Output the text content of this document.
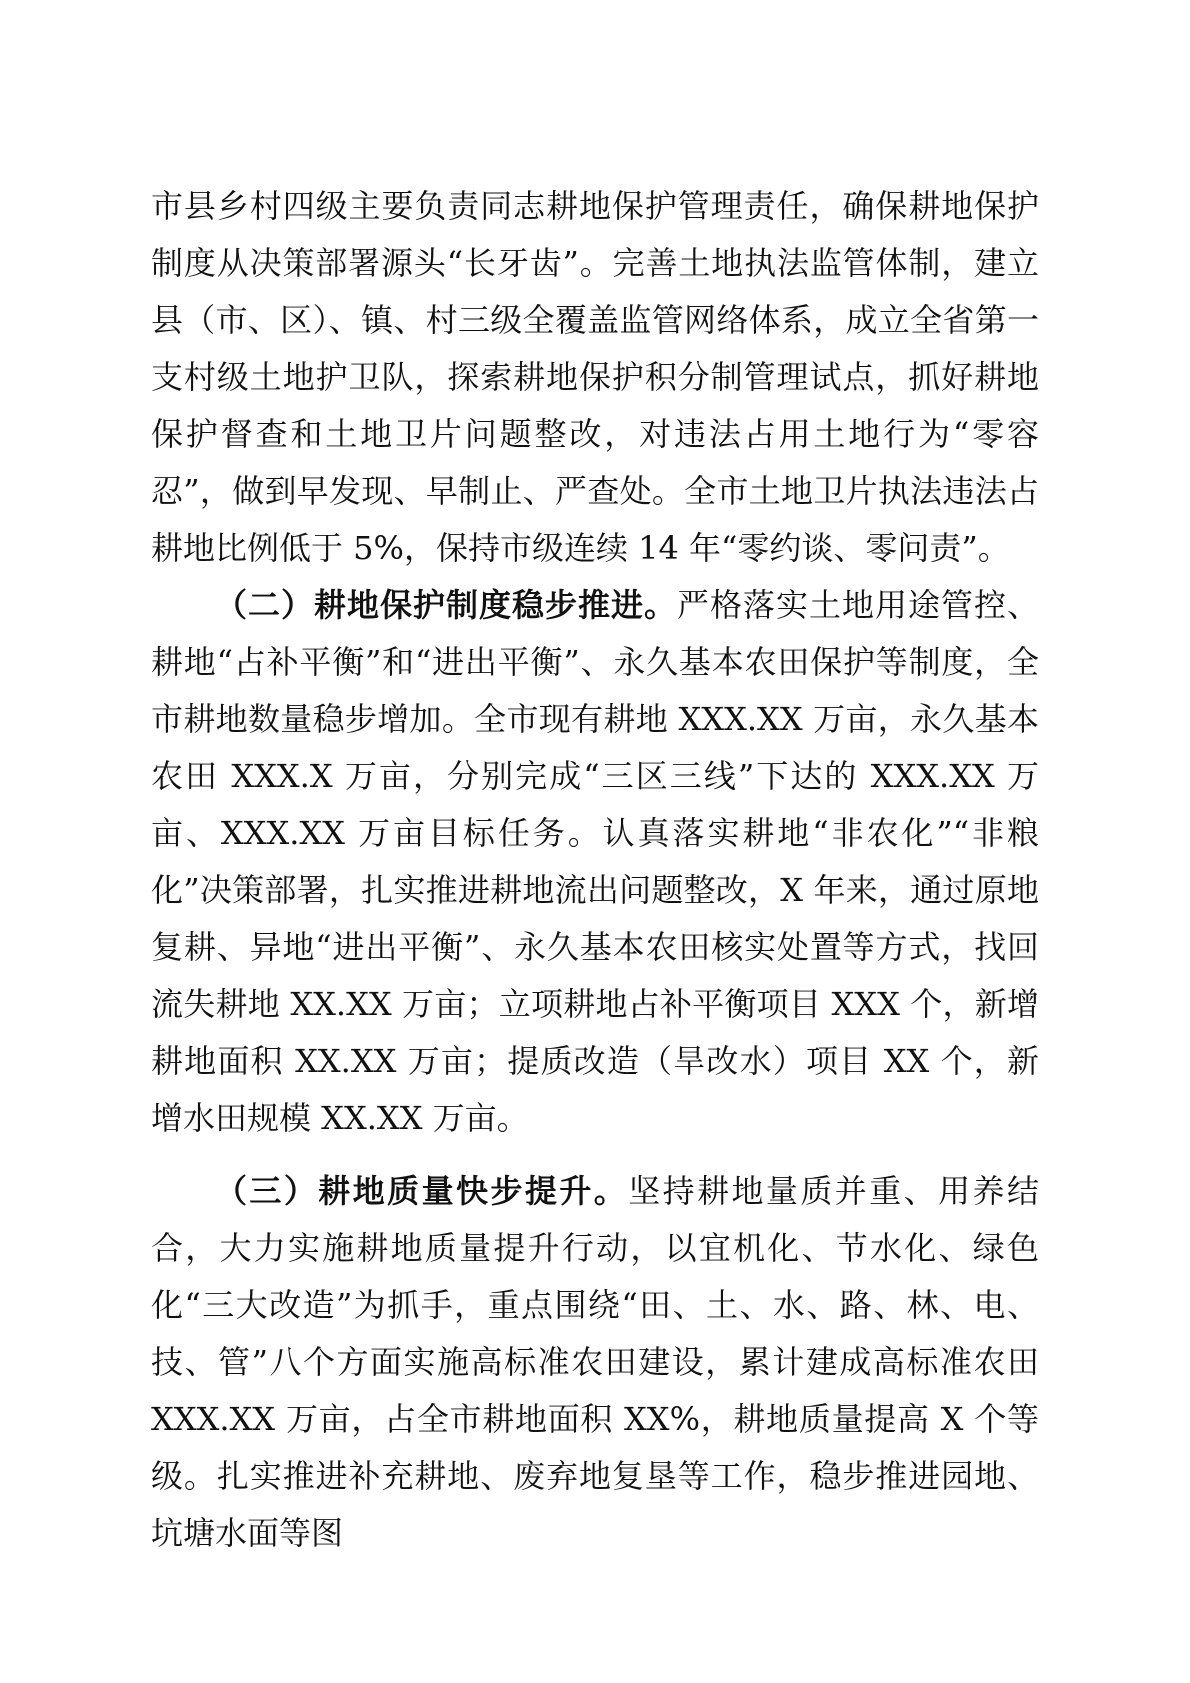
市县乡村四级主要负责同志耕地保护管理责任，确保耕地保护制度从决策部署源头“长牙齿”。完善土地执法监管体制，建立县（市、区）、镇、村三级全覆盖监管网络体系，成立全省第一支村级土地护卫队，探索耕地保护积分制管理试点，抓好耕地保护督查和土地卫片问题整改，对违法占用土地行为“零容忍”，做到早发现、早制止、严查处。全市土地卫片执法违法占耕地比例低于 5%，保持市级连续 14 年“零约谈、零问责”。

（二）耕地保护制度稳步推进。严格落实土地用途管控、耕地“占补平衡”和“进出平衡”、永久基本农田保护等制度，全市耕地数量稳步增加。全市现有耕地 XXX.XX 万亩，永久基本农田 XXX.X 万亩，分别完成“三区三线”下达的 XXX.XX 万亩、XXX.XX 万亩目标任务。认真落实耕地“非农化”“非粮化”决策部署，扎实推进耕地流出问题整改，X 年来，通过原地复耕、异地“进出平衡”、永久基本农田核实处置等方式，找回流失耕地 XX.XX 万亩；立项耕地占补平衡项目 XXX 个，新增耕地面积 XX.XX 万亩；提质改造（旱改水）项目 XX 个，新增水田规模 XX.XX 万亩。

（三）耕地质量快步提升。坚持耕地量质并重、用养结合，大力实施耕地质量提升行动，以宜机化、节水化、绿色化“三大改造”为抓手，重点围绕“田、土、水、路、林、电、技、管”八个方面实施高标准农田建设，累计建成高标准农田 XXX.XX 万亩，占全市耕地面积 XX%，耕地质量提高 X 个等级。扎实推进补充耕地、废弃地复垦等工作，稳步推进园地、坑塘水面等图
